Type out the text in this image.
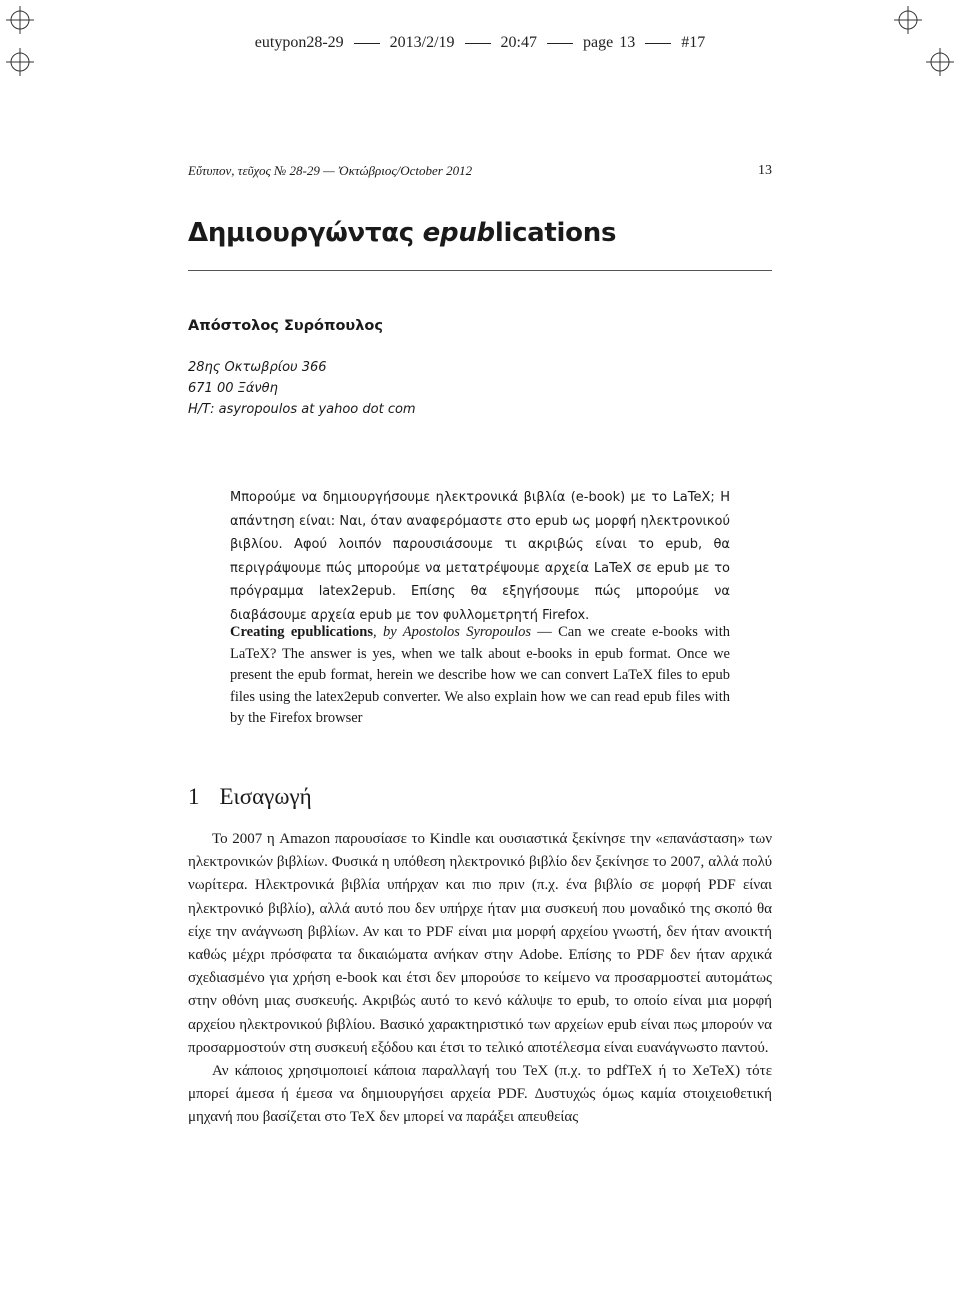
eutypon28-29	2013/2/19	20:47	page 13	#17
Εὔτυπον, τεῦχος № 28-29 — Ὀκτώβριος/October 2012	13
Δημιουργώντας epublications
Απόστολος Συρόπουλος
28ης Οκτωβρίου 366
671 00 Ξάνθη
Η/Τ: asyropoulos at yahoo dot com
Μπορούμε να δημιουργήσουμε ηλεκτρονικά βιβλία (e-book) με το LaTeX; Η απάντηση είναι: Ναι, όταν αναφερόμαστε στο epub ως μορφή ηλεκτρονικού βιβλίου. Αφού λοιπόν παρουσιάσουμε τι ακριβώς είναι το epub, θα περιγράψουμε πώς μπορούμε να μετατρέψουμε αρχεία LaTeX σε epub με το πρόγραμμα latex2epub. Επίσης θα εξηγήσουμε πώς μπορούμε να διαβάσουμε αρχεία epub με τον φυλλομετρητή Firefox.
Creating epublications, by Apostolos Syropoulos — Can we create e-books with LaTeX? The answer is yes, when we talk about e-books in epub format. Once we present the epub format, herein we describe how we can convert LaTeX files to epub files using the latex2epub converter. We also explain how we can read epub files with by the Firefox browser
1 Εισαγωγή

Το 2007 η Amazon παρουσίασε το Kindle και ουσιαστικά ξεκίνησε την «επανάσταση» των ηλεκτρονικών βιβλίων. Φυσικά η υπόθεση ηλεκτρονικό βιβλίο δεν ξεκίνησε το 2007, αλλά πολύ νωρίτερα. Ηλεκτρονικά βιβλία υπήρχαν και πιο πριν (π.χ. ένα βιβλίο σε μορφή PDF είναι ηλεκτρονικό βιβλίο), αλλά αυτό που δεν υπήρχε ήταν μια συσκευή που μοναδικό της σκοπό θα είχε την ανάγνωση βιβλίων. Αν και το PDF είναι μια μορφή αρχείου γνωστή, δεν ήταν ανοικτή καθώς μέχρι πρόσφατα τα δικαιώματα ανήκαν στην Adobe. Επίσης το PDF δεν ήταν αρχικά σχεδιασμένο για χρήση e-book και έτσι δεν μπορούσε το κείμενο να προσαρμοστεί αυτομάτως στην οθόνη μιας συσκευής. Ακριβώς αυτό το κενό κάλυψε το epub, το οποίο είναι μια μορφή αρχείου ηλεκτρονικού βιβλίου. Βασικό χαρακτηριστικό των αρχείων epub είναι πως μπορούν να προσαρμοστούν στη συσκευή εξόδου και έτσι το τελικό αποτέλεσμα είναι ευανάγνωστο παντού.

Αν κάποιος χρησιμοποιεί κάποια παραλλαγή του TeX (π.χ. το pdfTeX ή το XeTeX) τότε μπορεί άμεσα ή έμεσα να δημιουργήσει αρχεία PDF. Δυστυχώς όμως καμία στοιχειοθετική μηχανή που βασίζεται στο TeX δεν μπορεί να παράξει απευθείας
